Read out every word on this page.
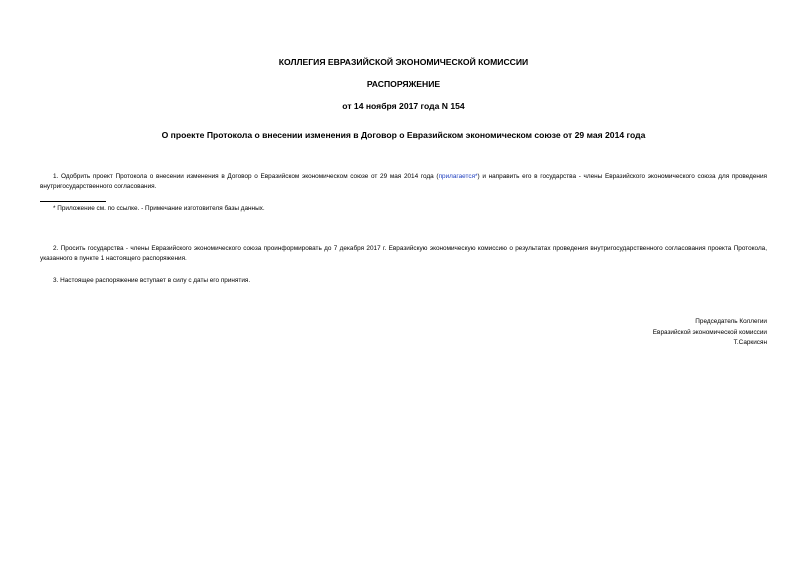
КОЛЛЕГИЯ ЕВРАЗИЙСКОЙ ЭКОНОМИЧЕСКОЙ КОМИССИИ
РАСПОРЯЖЕНИЕ
от 14 ноября 2017 года N 154
О проекте Протокола о внесении изменения в Договор о Евразийском экономическом союзе от 29 мая 2014 года
1. Одобрить проект Протокола о внесении изменения в Договор о Евразийском экономическом союзе от 29 мая 2014 года (прилагается*) и направить его в государства - члены Евразийского экономического союза для проведения внутригосударственного согласования.
* Приложение см. по ссылке. - Примечание изготовителя базы данных.
2. Просить государства - члены Евразийского экономического союза проинформировать до 7 декабря 2017 г. Евразийскую экономическую комиссию о результатах проведения внутригосударственного согласования проекта Протокола, указанного в пункте 1 настоящего распоряжения.
3. Настоящее распоряжение вступает в силу с даты его принятия.
Председатель Коллегии
Евразийской экономической комиссии
Т.Саркисян
